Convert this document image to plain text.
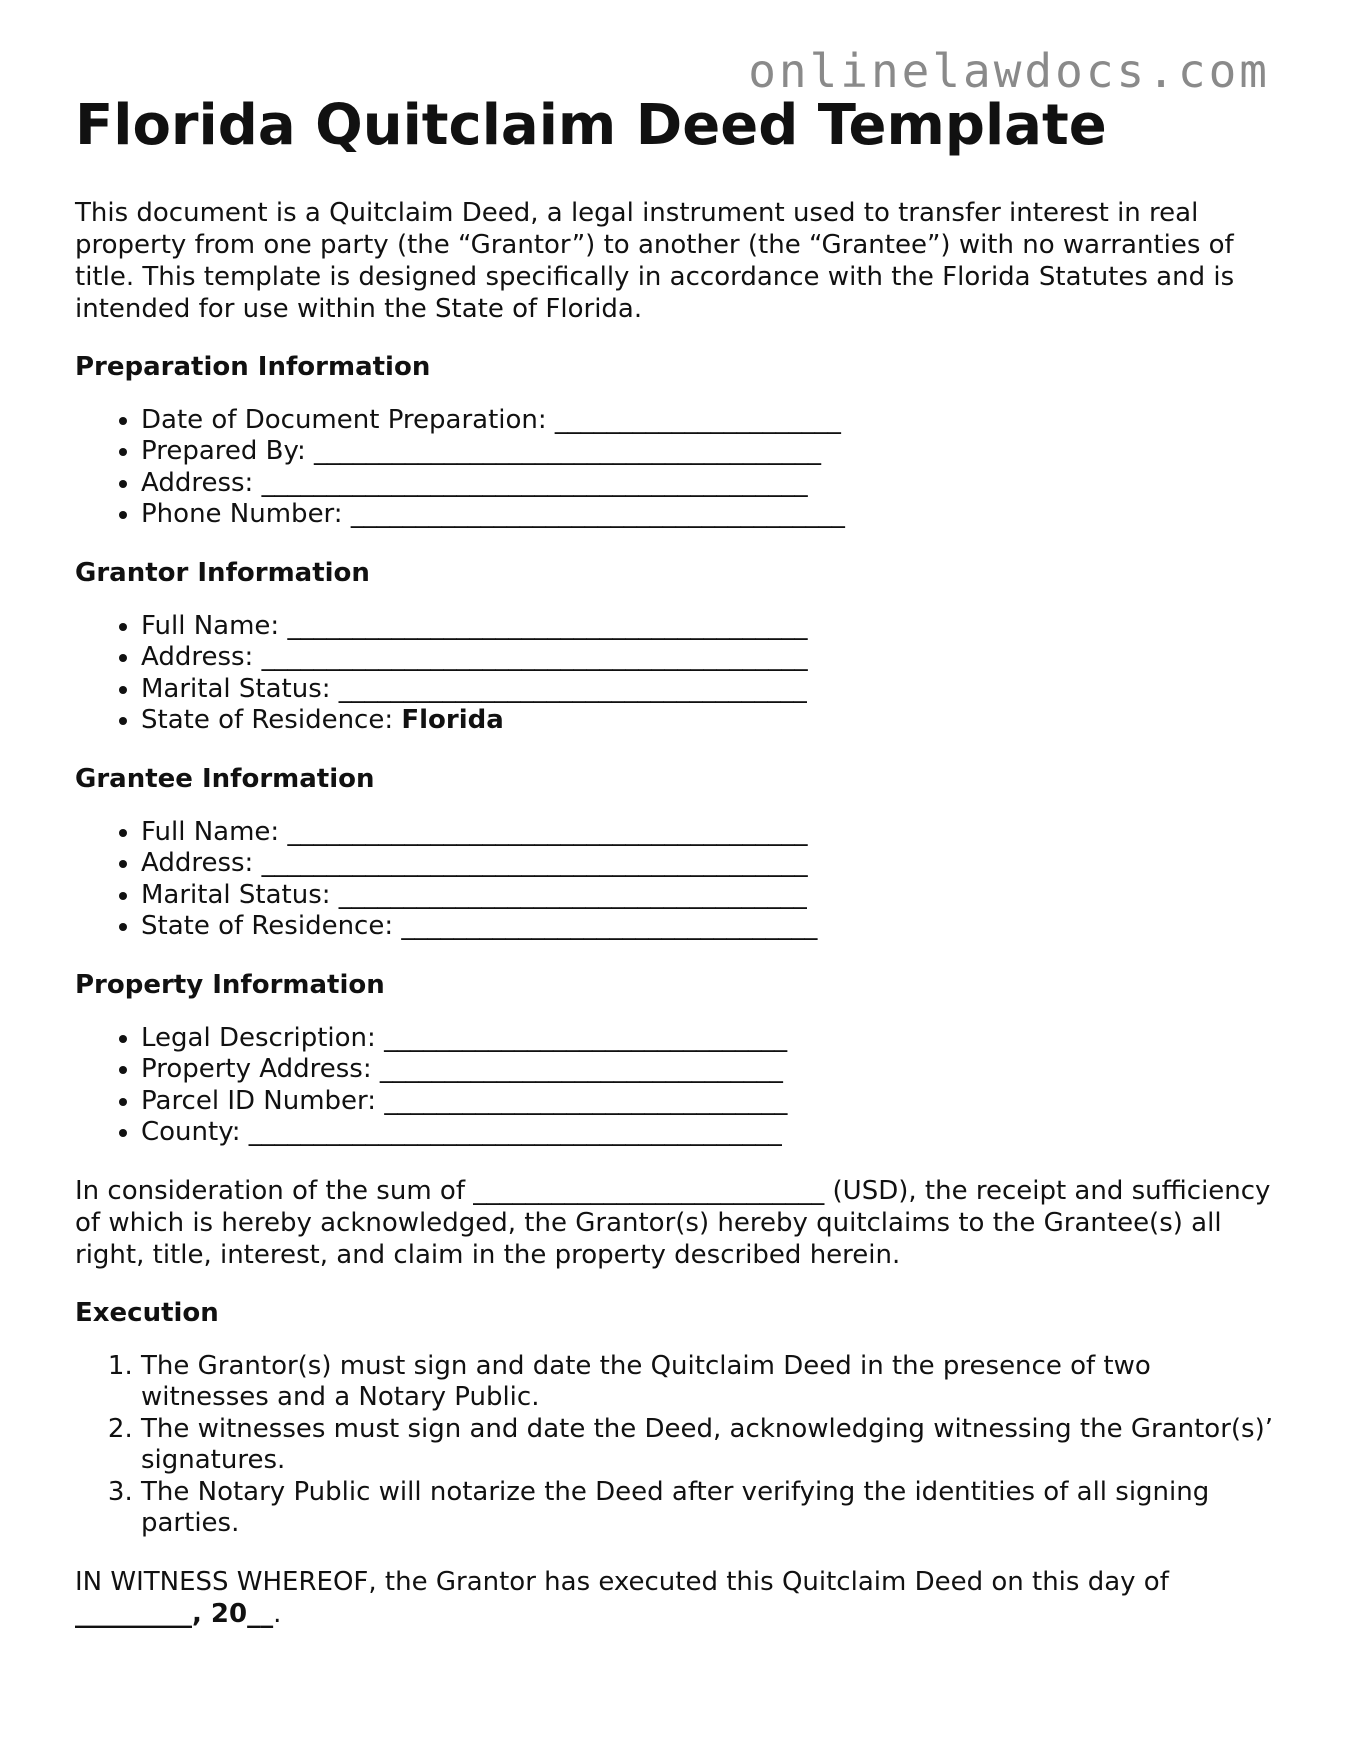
onlinelawdocs.com
Florida Quitclaim Deed Template

This document is a Quitclaim Deed, a legal instrument used to transfer interest in real property from one party (the “Grantor”) to another (the “Grantee”) with no warranties of title. This template is designed specifically in accordance with the Florida Statutes and is intended for use within the State of Florida.

Preparation Information
• Date of Document Preparation: ______________________
• Prepared By: _______________________________________
• Address: __________________________________________
• Phone Number: ______________________________________
Grantor Information
• Full Name: ________________________________________
• Address: __________________________________________
• Marital Status: ____________________________________
• State of Residence: Florida
Grantee Information
• Full Name: ________________________________________
• Address: __________________________________________
• Marital Status: ____________________________________
• State of Residence: ________________________________
Property Information
• Legal Description: _______________________________
• Property Address: _______________________________
• Parcel ID Number: _______________________________
• County: _________________________________________

In consideration of the sum of ___________________________ (USD), the receipt and sufficiency of which is hereby acknowledged, the Grantor(s) hereby quitclaims to the Grantee(s) all right, title, interest, and claim in the property described herein.

Execution
1. The Grantor(s) must sign and date the Quitclaim Deed in the presence of two witnesses and a Notary Public.
2. The witnesses must sign and date the Deed, acknowledging witnessing the Grantor(s)’ signatures.
3. The Notary Public will notarize the Deed after verifying the identities of all signing parties.

IN WITNESS WHEREOF, the Grantor has executed this Quitclaim Deed on this day of _________, 20__.
